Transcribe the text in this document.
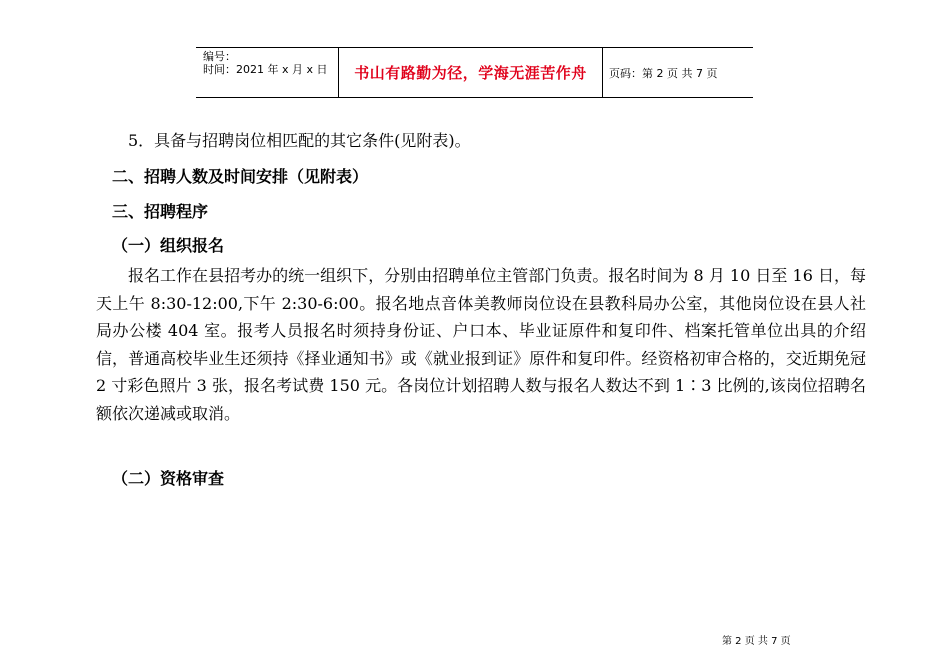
编号：
时间：2021 年 x 月 x 日	书山有路勤为径，学海无涯苦作舟 页码：第 2 页 共 7 页
5．具备与招聘岗位相匹配的其它条件(见附表)。
二、招聘人数及时间安排（见附表）
三、招聘程序
（一）组织报名
报名工作在县招考办的统一组织下，分别由招聘单位主管部门负责。报名时间为 8 月 10 日至 16 日，每天上午 8:30-12:00,下午 2:30-6:00。报名地点音体美教师岗位设在县教科局办公室，其他岗位设在县人社局办公楼 404 室。报考人员报名时须持身份证、户口本、毕业证原件和复印件、档案托管单位出具的介绍信，普通高校毕业生还须持《择业通知书》或《就业报到证》原件和复印件。经资格初审合格的，交近期免冠 2 寸彩色照片 3 张，报名考试费 150 元。各岗位计划招聘人数与报名人数达不到 1∶3 比例的,该岗位招聘名额依次递减或取消。
（二）资格审查
第 2 页 共 7 页
